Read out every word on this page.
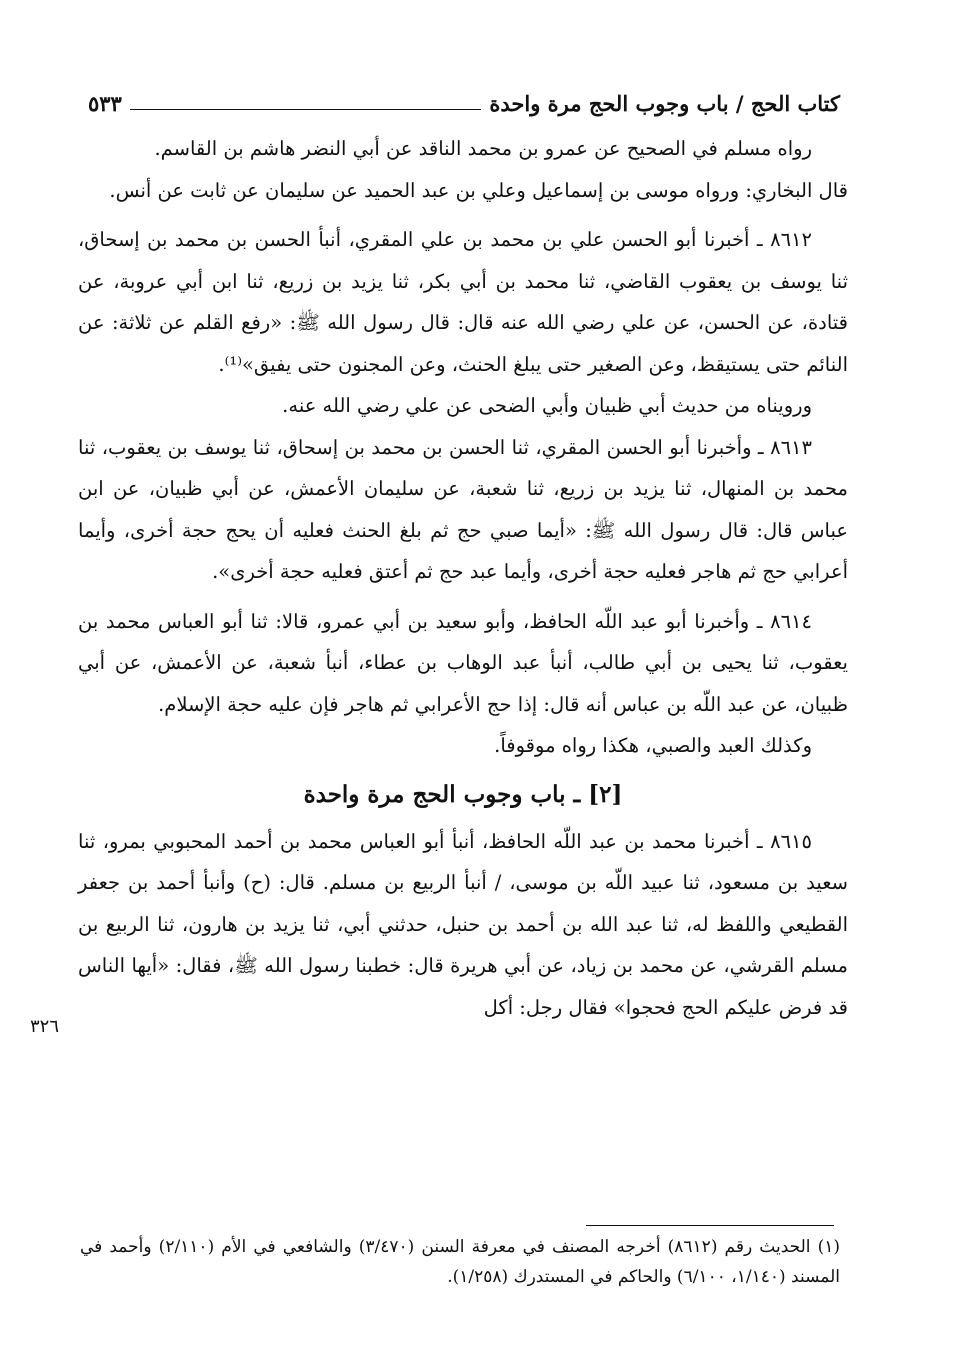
كتاب الحج / باب وجوب الحج مرة واحدة
٥٣٣
٣٢٦

رواه مسلم في الصحيح عن عمرو بن محمد الناقد عن أبي النضر هاشم بن القاسم.

قال البخاري: ورواه موسى بن إسماعيل وعلي بن عبد الحميد عن سليمان عن ثابت عن أنس.

٨٦١٢ ـ أخبرنا أبو الحسن علي بن محمد بن علي المقري، أنبأ الحسن بن محمد بن إسحاق، ثنا يوسف بن يعقوب القاضي، ثنا محمد بن أبي بكر، ثنا يزيد بن زريع، ثنا ابن أبي عروبة، عن قتادة، عن الحسن، عن علي رضي الله عنه قال: قال رسول الله ﷺ: «رفع القلم عن ثلاثة: عن النائم حتى يستيقظ، وعن الصغير حتى يبلغ الحنث، وعن المجنون حتى يفيق»⁽¹⁾.

ورويناه من حديث أبي ظبيان وأبي الضحى عن علي رضي الله عنه.

٨٦١٣ ـ وأخبرنا أبو الحسن المقري، ثنا الحسن بن محمد بن إسحاق، ثنا يوسف بن يعقوب، ثنا محمد بن المنهال، ثنا يزيد بن زريع، ثنا شعبة، عن سليمان الأعمش، عن أبي ظبيان، عن ابن عباس قال: قال رسول الله ﷺ: «أيما صبي حج ثم بلغ الحنث فعليه أن يحج حجة أخرى، وأيما أعرابي حج ثم هاجر فعليه حجة أخرى، وأيما عبد حج ثم أعتق فعليه حجة أخرى».

٨٦١٤ ـ وأخبرنا أبو عبد اللّه الحافظ، وأبو سعيد بن أبي عمرو، قالا: ثنا أبو العباس محمد بن يعقوب، ثنا يحيى بن أبي طالب، أنبأ عبد الوهاب بن عطاء، أنبأ شعبة، عن الأعمش، عن أبي ظبيان، عن عبد اللّه بن عباس أنه قال: إذا حج الأعرابي ثم هاجر فإن عليه حجة الإسلام.

وكذلك العبد والصبي، هكذا رواه موقوفاً.

[٢] ـ باب وجوب الحج مرة واحدة

٨٦١٥ ـ أخبرنا محمد بن عبد اللّه الحافظ، أنبأ أبو العباس محمد بن أحمد المحبوبي بمرو، ثنا سعيد بن مسعود، ثنا عبيد اللّه بن موسى، / أنبأ الربيع بن مسلم. قال: (ح) وأنبأ أحمد بن جعفر القطيعي واللفظ له، ثنا عبد الله بن أحمد بن حنبل، حدثني أبي، ثنا يزيد بن هارون، ثنا الربيع بن مسلم القرشي، عن محمد بن زياد، عن أبي هريرة قال: خطبنا رسول الله ﷺ، فقال: «أيها الناس قد فرض عليكم الحج فحجوا» فقال رجل: أكل

(١) الحديث رقم (٨٦١٢) أخرجه المصنف في معرفة السنن (٣/٤٧٠) والشافعي في الأم (٢/١١٠) وأحمد في المسند (١/١٤٠، ٦/١٠٠) والحاكم في المستدرك (١/٢٥٨).
